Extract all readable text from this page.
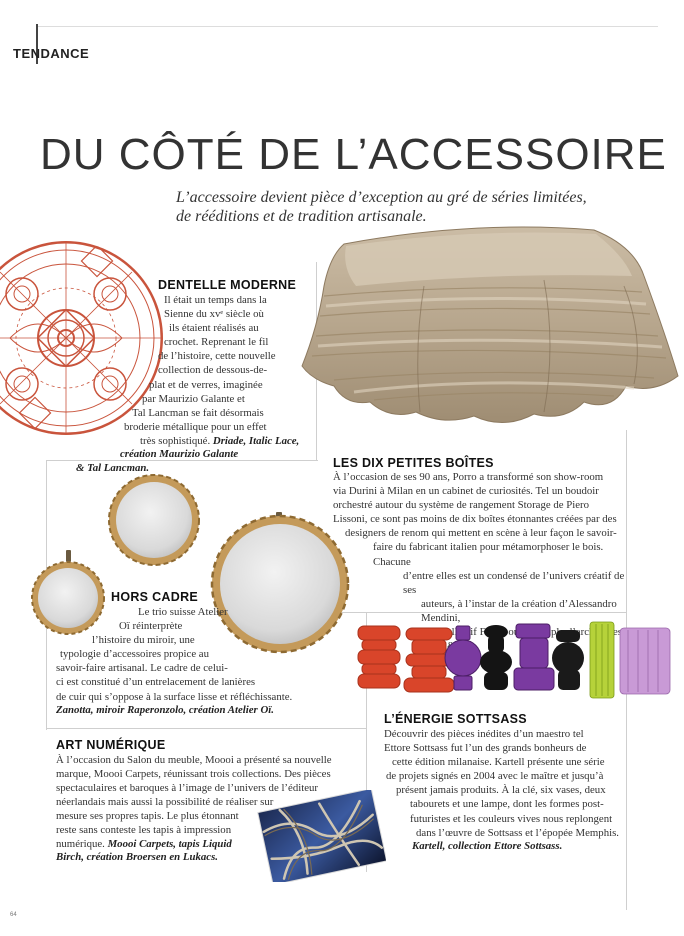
TENDANCE
DU CÔTÉ DE L’ACCESSOIRE
L’accessoire devient pièce d’exception au gré de séries limitées,
de rééditions et de tradition artisanale.
DENTELLE MODERNE
Il était un temps dans la
Sienne du xvᵉ siècle où
ils étaient réalisés au
crochet. Reprenant le fil
de l’histoire, cette nouvelle
collection de dessous-de-
plat et de verres, imaginée
par Maurizio Galante et
Tal Lancman se fait désormais
broderie métallique pour un effet
très sophistiqué. Driade, Italic Lace,
création Maurizio Galante
& Tal Lancman.	LES DIX PETITES BOÎTES
À l’occasion de ses 90 ans, Porro a transformé son show-room
via Durini à Milan en un cabinet de curiosités. Tel un boudoir
orchestré autour du système de rangement Storage de Piero
Lissoni, ce sont pas moins de dix boîtes étonnantes créées par des
designers de renom qui mettent en scène à leur façon le savoir-
faire du fabricant italien pour métamorphoser le bois. Chacune
d’entre elles est un condensé de l’univers créatif de ses
auteurs, à l’instar de la création d’Alessandro Mendini,
ou
HORS CADRE
Le trio suisse Atelier
Oï réinterprète
l’histoire du miroir, une
typologie d’accessoires propice au
savoir-faire artisanal. Le cadre de celui-
ci est constitué d’un entrelacement de lanières
de cuir qui s’oppose à la surface lisse et réfléchissante.
Zanotta, miroir Raperonzolo, création Atelier Oï.
L’ÉNERGIE SOTTSASS
Découvrir des pièces inédites d’un maestro tel
Ettore Sottsass fut l’un des grands bonheurs de
cette édition milanaise. Kartell présente une série
de projets signés en 2004 avec le maître et jusqu’à
présent jamais produits. À la clé, six vases, deux
tabourets et une lampe, dont les formes post-
futuristes et les couleurs vives nous replongent
dans l’œuvre de Sottsass et l’épopée Memphis.
Kartell, collection Ettore Sottsass.
ART NUMÉRIQUE
À l’occasion du Salon du meuble, Moooi a présenté sa nouvelle
marque, Moooi Carpets, réunissant trois collections. Des pièces
spectaculaires et baroques à l’image de l’univers de l’éditeur
néerlandais mais aussi la possibilité de réaliser sur
mesure ses propres tapis. Le plus étonnant
reste sans conteste les tapis à impression
numérique. Moooi Carpets, tapis Liquid
Birch, création Broersen en Lukacs.
64
